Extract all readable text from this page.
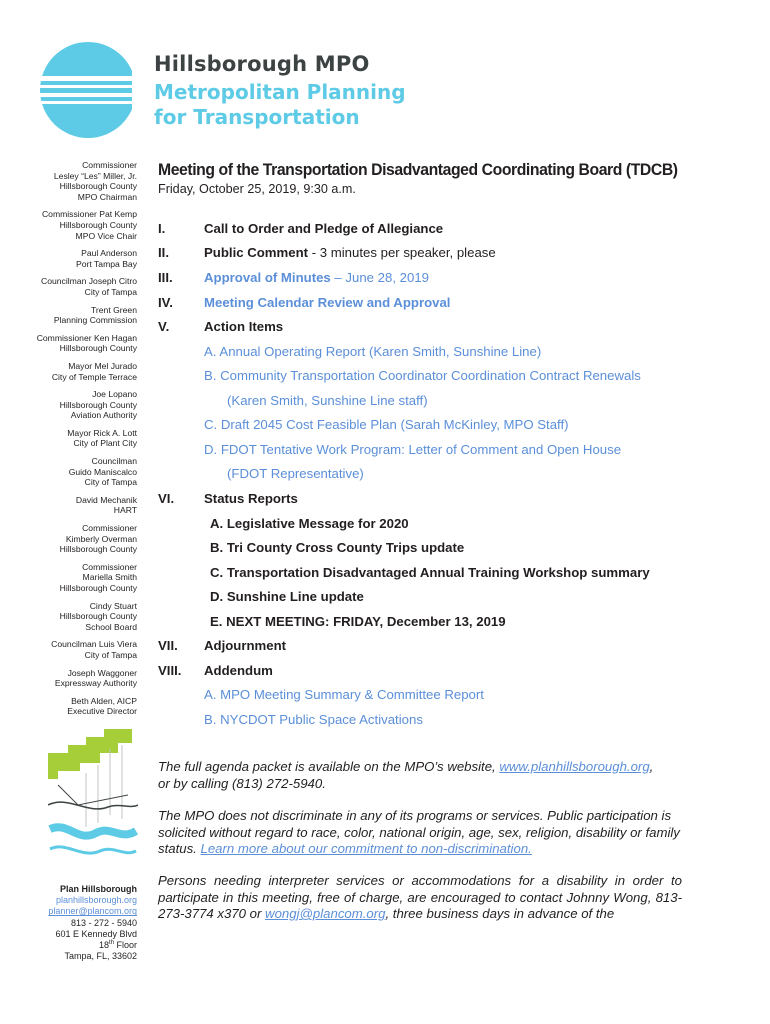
Hillsborough MPO
Metropolitan Planning
for Transportation
Commissioner
Lesley “Les” Miller, Jr.
Hillsborough County
MPO Chairman
Commissioner Pat Kemp
Hillsborough County
MPO Vice Chair
Paul Anderson
Port Tampa Bay
Councilman Joseph Citro
City of Tampa
Trent Green
Planning Commission
Commissioner Ken Hagan
Hillsborough County
Mayor Mel Jurado
City of Temple Terrace
Joe Lopano
Hillsborough County
Aviation Authority
Mayor Rick A. Lott
City of Plant City
Councilman
Guido Maniscalco
City of Tampa
David Mechanik
HART
Commissioner
Kimberly Overman
Hillsborough County
Commissioner
Mariella Smith
Hillsborough County
Cindy Stuart
Hillsborough County
School Board
Councilman Luis Viera
City of Tampa
Joseph Waggoner
Expressway Authority
Beth Alden, AICP
Executive Director
Plan Hillsborough
planhillsborough.org
planner@plancom.org
813 - 272 - 5940
601 E Kennedy Blvd
18th Floor
Tampa, FL, 33602
Meeting of the Transportation Disadvantaged Coordinating Board (TDCB)
Friday, October 25, 2019, 9:30 a.m.
I.	Call to Order and Pledge of Allegiance
II.	Public Comment - 3 minutes per speaker, please
III. Approval of Minutes – June 28, 2019
IV. Meeting Calendar Review and Approval
V.	Action Items
A. Annual Operating Report (Karen Smith, Sunshine Line)
B. Community Transportation Coordinator Coordination Contract Renewals
(Karen Smith, Sunshine Line staff)
C. Draft 2045 Cost Feasible Plan (Sarah McKinley, MPO Staff)
D. FDOT Tentative Work Program: Letter of Comment and Open House
(FDOT Representative)
VI. Status Reports
A. Legislative Message for 2020
B. Tri County Cross County Trips update
C. Transportation Disadvantaged Annual Training Workshop summary
D. Sunshine Line update
E. NEXT MEETING: FRIDAY, December 13, 2019
VII. Adjournment
VIII. Addendum
A. MPO Meeting Summary & Committee Report
B. NYCDOT Public Space Activations
The full agenda packet is available on the MPO’s website, www.planhillsborough.org,
or by calling (813) 272-5940.
The MPO does not discriminate in any of its programs or services. Public participation is solicited without regard to race, color, national origin, age, sex, religion, disability or family status. Learn more about our commitment to non-discrimination.
Persons needing interpreter services or accommodations for a disability in order to participate in this meeting, free of charge, are encouraged to contact Johnny Wong, 813-273-3774 x370 or wongj@plancom.org, three business days in advance of the
